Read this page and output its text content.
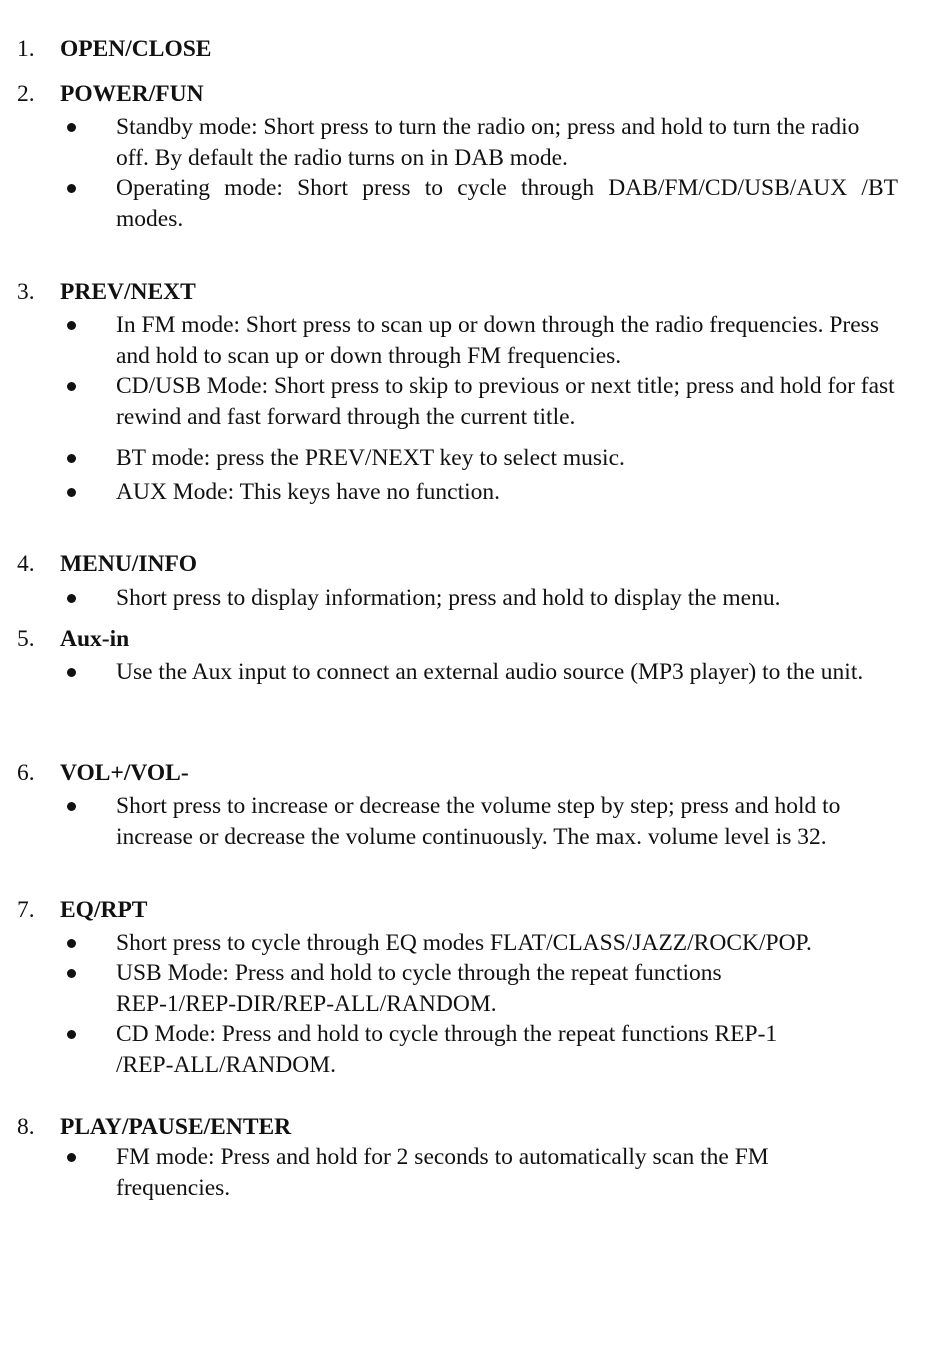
1. OPEN/CLOSE
2. POWER/FUN

Standby mode: Short press to turn the radio on; press and hold to turn the radio off. By default the radio turns on in DAB mode.

Operating mode: Short press to cycle through DAB/FM/CD/USB/AUX /BT modes.

3. PREV/NEXT

In FM mode: Short press to scan up or down through the radio frequencies. Press and hold to scan up or down through FM frequencies.

CD/USB Mode: Short press to skip to previous or next title; press and hold for fast rewind and fast forward through the current title.

BT mode: press the PREV/NEXT key to select music.

AUX Mode: This keys have no function.

4. MENU/INFO

Short press to display information; press and hold to display the menu.

5. Aux-in

Use the Aux input to connect an external audio source (MP3 player) to the unit.

6. VOL+/VOL-

Short press to increase or decrease the volume step by step; press and hold to increase or decrease the volume continuously. The max. volume level is 32.

7. EQ/RPT

Short press to cycle through EQ modes FLAT/CLASS/JAZZ/ROCK/POP.

USB Mode: Press and hold to cycle through the repeat functions REP-1/REP-DIR/REP-ALL/RANDOM.

CD Mode: Press and hold to cycle through the repeat functions REP-1 /REP-ALL/RANDOM.

8. PLAY/PAUSE/ENTER

FM mode: Press and hold for 2 seconds to automatically scan the FM frequencies.
